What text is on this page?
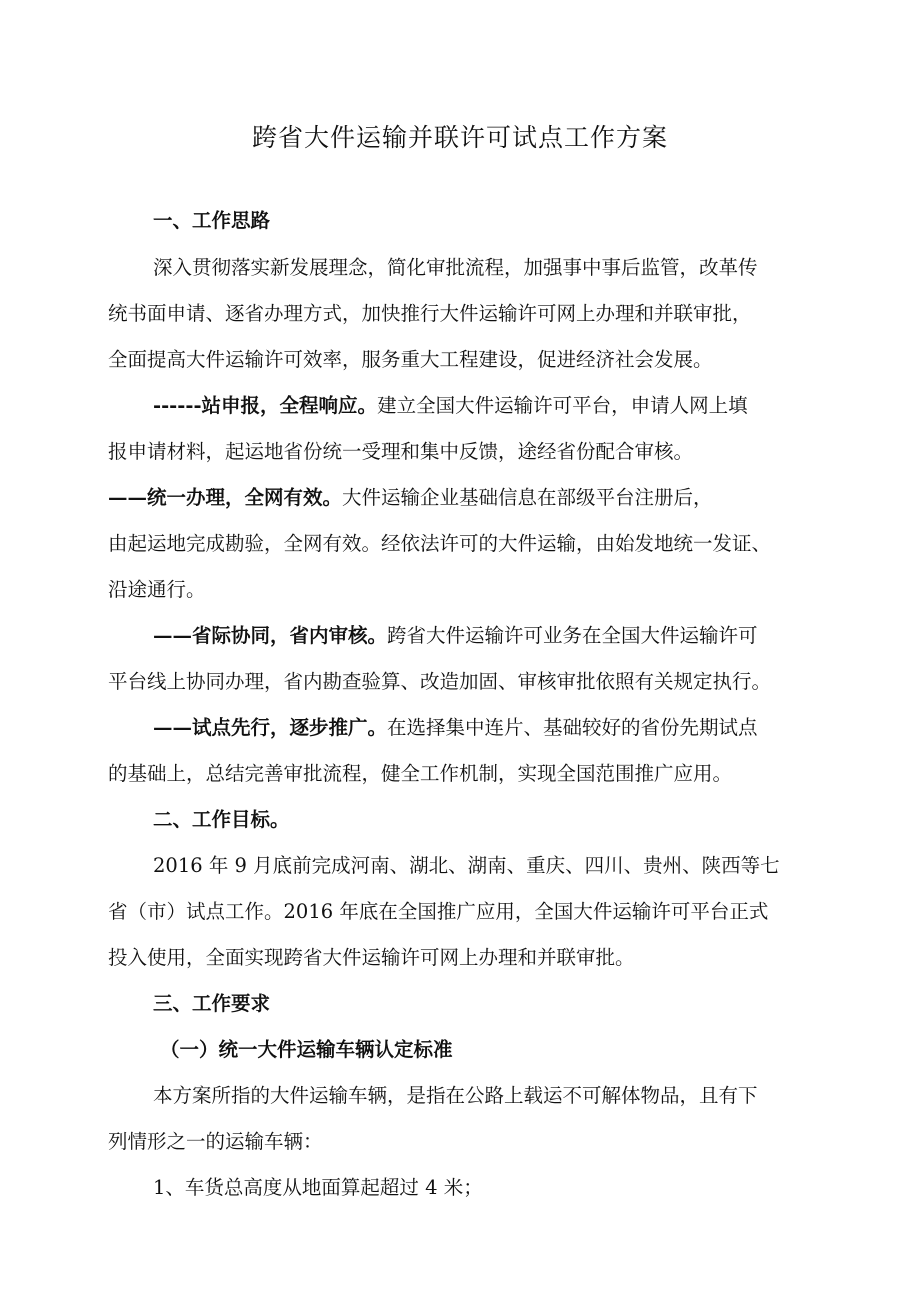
跨省大件运输并联许可试点工作方案
一、工作思路
深入贯彻落实新发展理念，简化审批流程，加强事中事后监管，改革传
统书面申请、逐省办理方式，加快推行大件运输许可网上办理和并联审批，
全面提高大件运输许可效率，服务重大工程建设，促进经济社会发展。
------站申报，全程响应。建立全国大件运输许可平台，申请人网上填
报申请材料，起运地省份统一受理和集中反馈，途经省份配合审核。
——统一办理，全网有效。大件运输企业基础信息在部级平台注册后，
由起运地完成勘验，全网有效。经依法许可的大件运输，由始发地统一发证、
沿途通行。
——省际协同，省内审核。跨省大件运输许可业务在全国大件运输许可
平台线上协同办理，省内勘查验算、改造加固、审核审批依照有关规定执行。
——试点先行，逐步推广。在选择集中连片、基础较好的省份先期试点
的基础上，总结完善审批流程，健全工作机制，实现全国范围推广应用。
二、工作目标。
2016 年 9 月底前完成河南、湖北、湖南、重庆、四川、贵州、陕西等七
省（市）试点工作。2016 年底在全国推广应用，全国大件运输许可平台正式
投入使用，全面实现跨省大件运输许可网上办理和并联审批。
三、工作要求
（一）统一大件运输车辆认定标准
本方案所指的大件运输车辆，是指在公路上载运不可解体物品，且有下
列情形之一的运输车辆：
1、车货总高度从地面算起超过 4 米；
